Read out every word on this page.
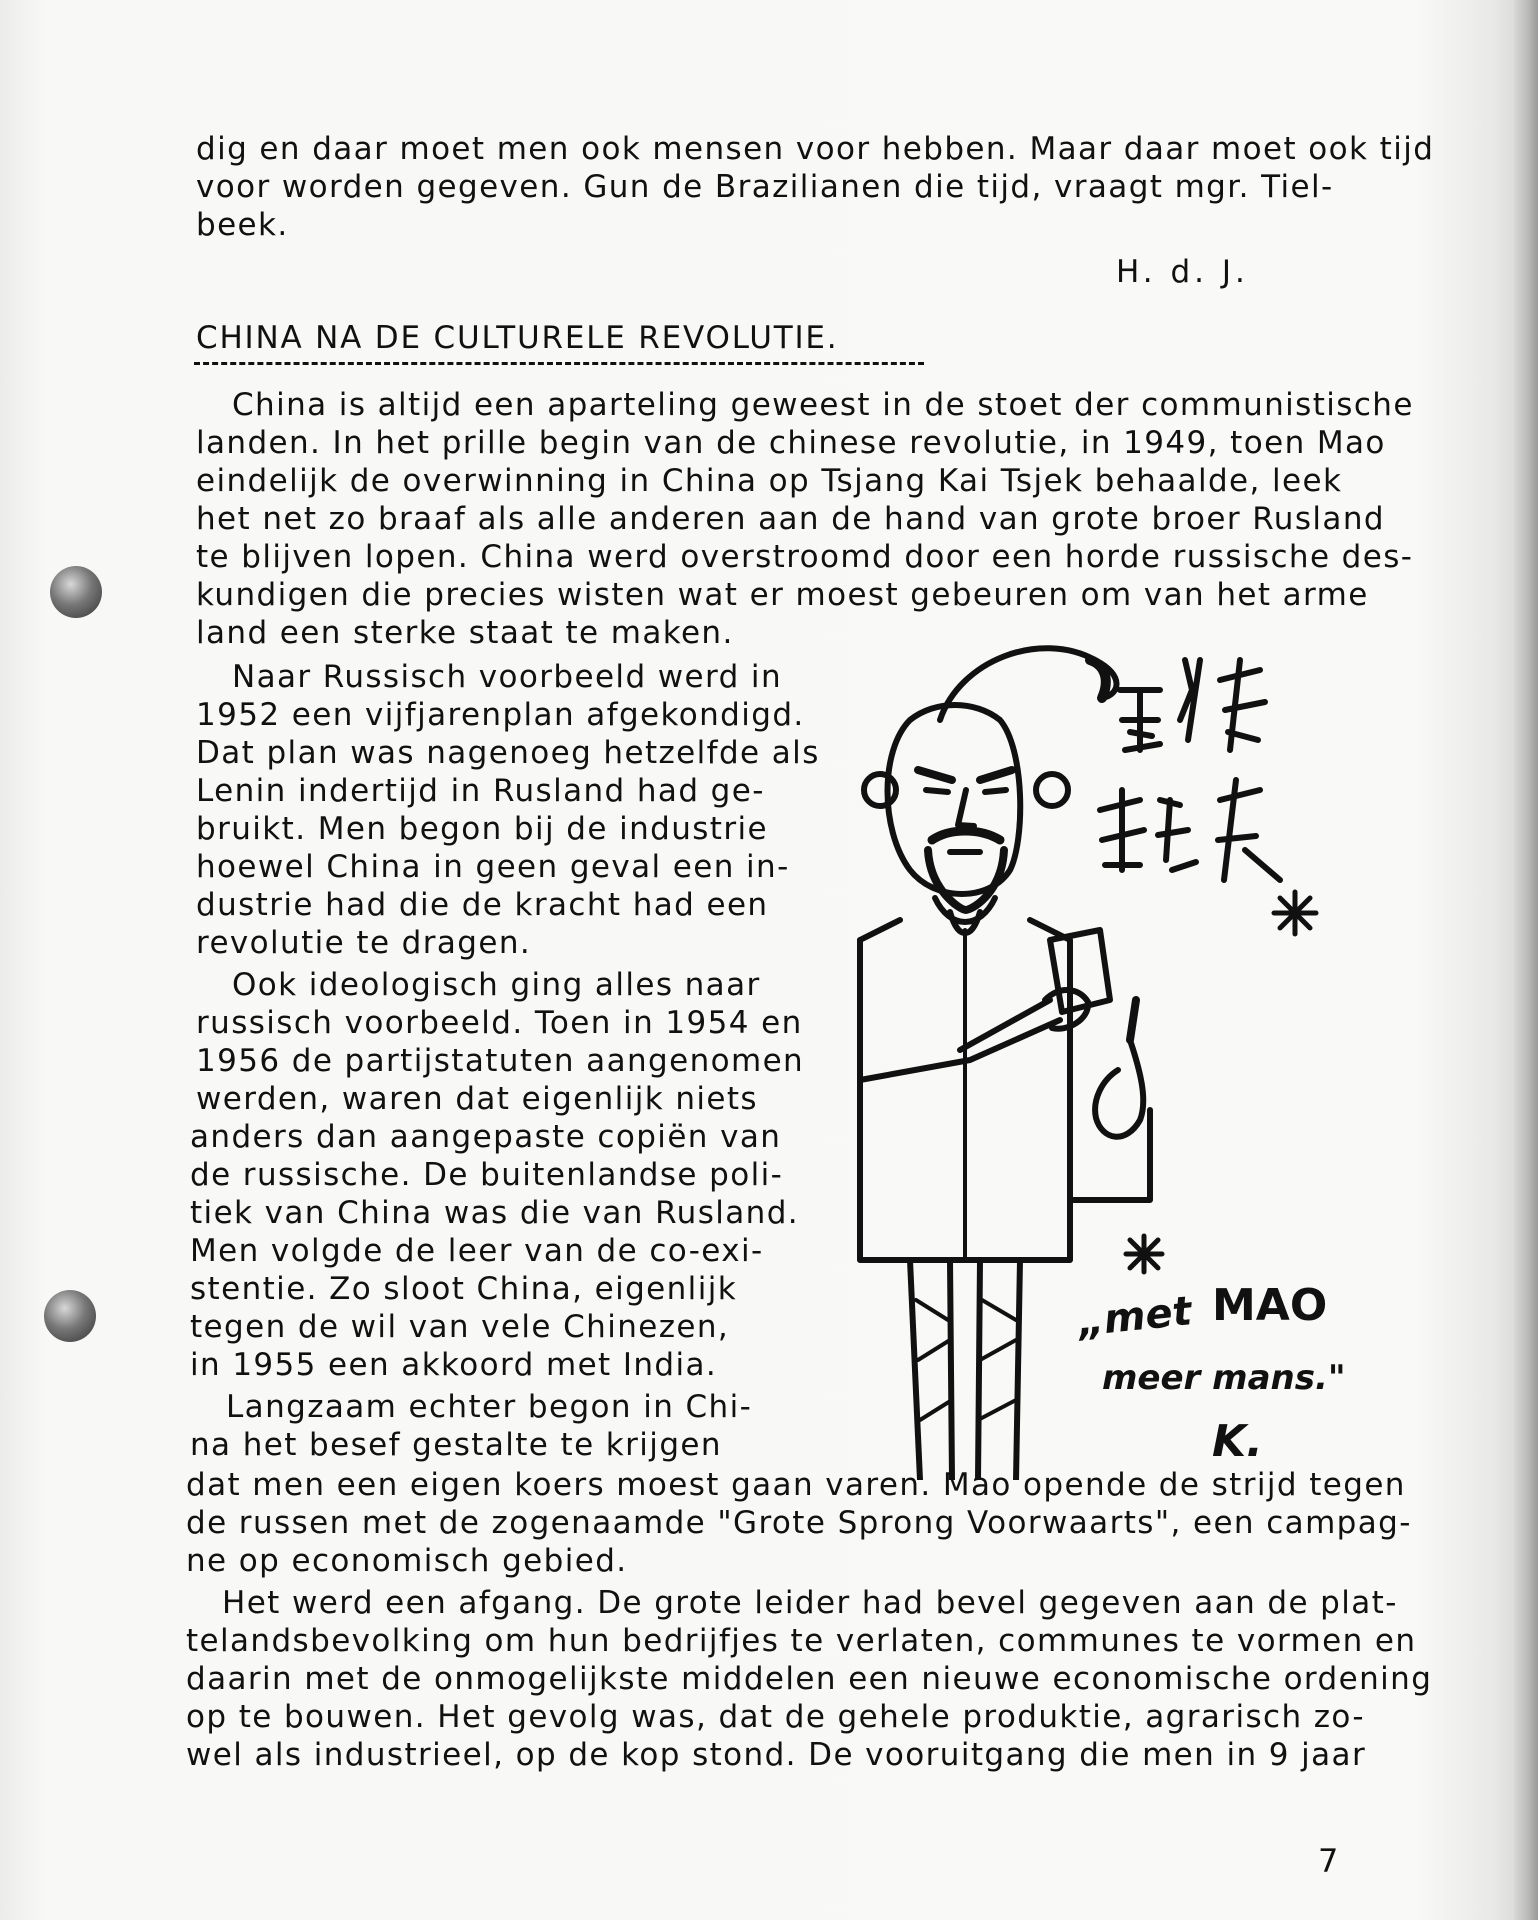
dig en daar moet men ook mensen voor hebben. Maar daar moet ook tijd
voor worden gegeven. Gun de Brazilianen die tijd, vraagt mgr. Tiel-
beek.
H. d. J.
CHINA NA DE CULTURELE REVOLUTIE.
China is altijd een aparteling geweest in de stoet der communistische
landen. In het prille begin van de chinese revolutie, in 1949, toen Mao
eindelijk de overwinning in China op Tsjang Kai Tsjek behaalde, leek
het net zo braaf als alle anderen aan de hand van grote broer Rusland
te blijven lopen. China werd overstroomd door een horde russische des-
kundigen die precies wisten wat er moest gebeuren om van het arme
land een sterke staat te maken.
Naar Russisch voorbeeld werd in
1952 een vijfjarenplan afgekondigd.
Dat plan was nagenoeg hetzelfde als
Lenin indertijd in Rusland had ge-
bruikt. Men begon bij de industrie
hoewel China in geen geval een in-
dustrie had die de kracht had een
revolutie te dragen.
Ook ideologisch ging alles naar
russisch voorbeeld. Toen in 1954 en
1956 de partijstatuten aangenomen
werden, waren dat eigenlijk niets
anders dan aangepaste copiën van
de russische. De buitenlandse poli-
tiek van China was die van Rusland.
Men volgde de leer van de co-exi-
stentie. Zo sloot China, eigenlijk
tegen de wil van vele Chinezen,
in 1955 een akkoord met India.
Langzaam echter begon in Chi-
na het besef gestalte te krijgen
dat men een eigen koers moest gaan varen. Mao opende de strijd tegen
de russen met de zogenaamde "Grote Sprong Voorwaarts", een campag-
ne op economisch gebied.
Het werd een afgang. De grote leider had bevel gegeven aan de plat-
telandsbevolking om hun bedrijfjes te verlaten, communes te vormen en
daarin met de onmogelijkste middelen een nieuwe economische ordening
op te bouwen. Het gevolg was, dat de gehele produktie, agrarisch zo-
wel als industrieel, op de kop stond. De vooruitgang die men in 9 jaar
7
„met MAO
meer mans."
K.
